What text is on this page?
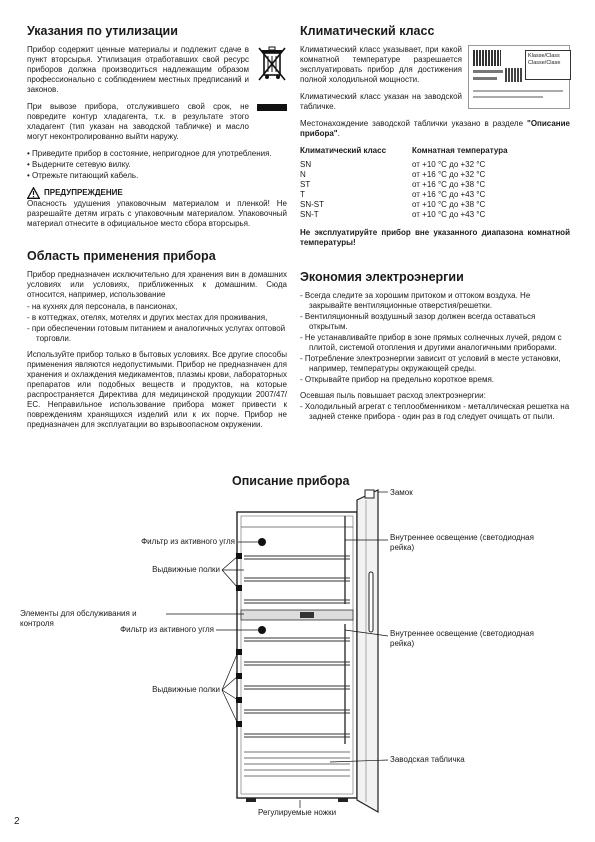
Указания по утилизации

Прибор содержит ценные материалы и подлежит сдаче в пункт вторсырья. Утилизация отработавших свой ресурс приборов должна производиться надлежащим образом профессионально с соблюдением местных предписаний и законов.

При вывозе прибора, отслужившего свой срок, не повредите контур хладагента, т.к. в результате этого хладагент (тип указан на заводской табличке) и масло могут неконтролированно выйти наружу.

• Приведите прибор в состояние, непригодное для употребления.
• Выдерните сетевую вилку.
• Отрежьте питающий кабель.
ПРЕДУПРЕЖДЕНИЕ

Опасность удушения упаковочным материалом и пленкой! Не разрешайте детям играть с упаковочным материалом. Упаковочный материал отнесите в официальное место сбора вторсырья.

Область применения прибора

Прибор предназначен исключительно для хранения вин в домашних условиях или условиях, приближенных к домашним. Сюда относится, например, использование

- на кухнях для персонала, в пансионах,
- в коттеджах, отелях, мотелях и других местах для проживания,
- при обеспечении готовым питанием и аналогичных услугах оптовой торговли.

Используйте прибор только в бытовых условиях. Все другие способы применения являются недопустимыми. Прибор не предназначен для хранения и охлаждения медикаментов, плазмы крови, лабораторных препаратов или подобных веществ и продуктов, на которые распространяется Директива для медицинской продукции 2007/47/ЕС. Неправильное использование прибора может привести к повреждениям хранящихся изделий или к их порче. Прибор не предназначен для эксплуатации во взрывоопасном окружении.

Климатический класс

Климатический класс указывает, при какой комнатной температуре разрешается эксплуатировать прибор для достижения полной холодильной мощности.

Климатический класс указан на заводской табличке.

Klasse/Class Classe/Clase

Местонахождение заводской таблички указано в разделе "Описание прибора".

Климатический класс	Комнатная температура
SN	от +10 °C до +32 °C
N	от +16 °C до +32 °C
ST	от +16 °C до +38 °C
T	от +16 °C до +43 °C
SN-ST	от +10 °C до +38 °C
SN-T	от +10 °C до +43 °C

Не эксплуатируйте прибор вне указанного диапазона комнатной температуры!

Экономия электроэнергии
- Всегда следите за хорошим притоком и оттоком воздуха. Не закрывайте вентиляционные отверстия/решетки.
- Вентиляционный воздушный зазор должен всегда оставаться открытым.
- Не устанавливайте прибор в зоне прямых солнечных лучей, рядом с плитой, системой отопления и другими аналогичными приборами.
- Потребление электроэнергии зависит от условий в месте установки, например, температуры окружающей среды.
- Открывайте прибор на предельно короткое время.

Осевшая пыль повышает расход электроэнергии:

- Холодильный агрегат с теплообменником - металлическая решетка на задней стенке прибора - один раз в год следует очищать от пыли.
Описание прибора
Замок
Фильтр из активного угля
Выдвижные полки
Внутреннее освещение (светодиодная рейка)
Элементы для обслуживания и контроля
Фильтр из активного угля	Внутреннее освещение (светодиодная рейка)
Выдвижные полки
Заводская табличка
Регулируемые ножки
2
